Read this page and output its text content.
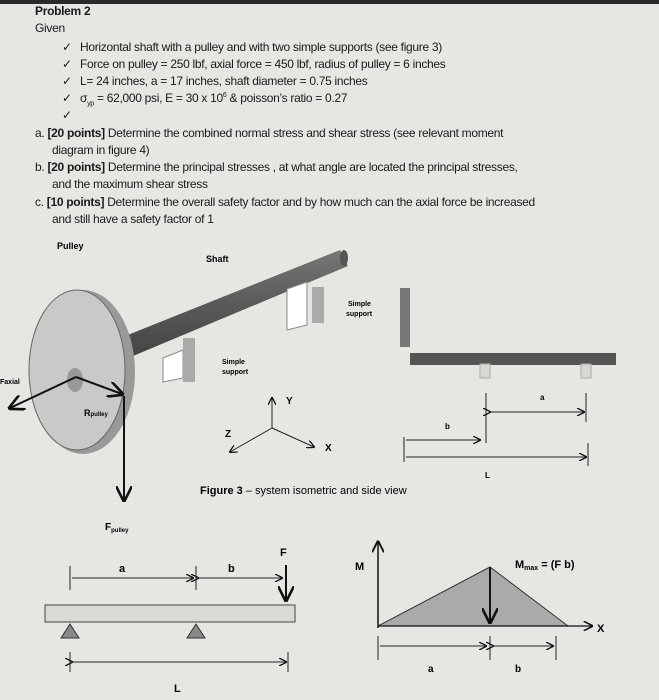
Problem 2
Given
✓ Horizontal shaft with a pulley and with two simple supports (see figure 3)
✓ Force on pulley = 250 lbf, axial force = 450 lbf, radius of pulley = 6 inches
✓ L= 24 inches, a = 17 inches, shaft diameter = 0.75 inches
✓ $\sigma_{yp} = 62,000$ psi, E = 30 x $10^6$ & poisson’s ratio = 0.27
✓
a. [20 points] Determine the combined normal stress and shear stress (see relevant moment
diagram in figure 4)
b. [20 points] Determine the principal stresses , at what angle are located the principal stresses,
and the maximum shear stress
c. [10 points] Determine the overall safety factor and by how much can the axial force be increased
and still have a safety factor of 1
Pulley
Shaft
Simple support
Simple support
Faxial
Rpulley
$F_{pulley}$
Y
X
Z
a
b
L
Figure 3 – system isometric and side view
F
a	b
L
M
X
Mmax = (F b)
a	b
